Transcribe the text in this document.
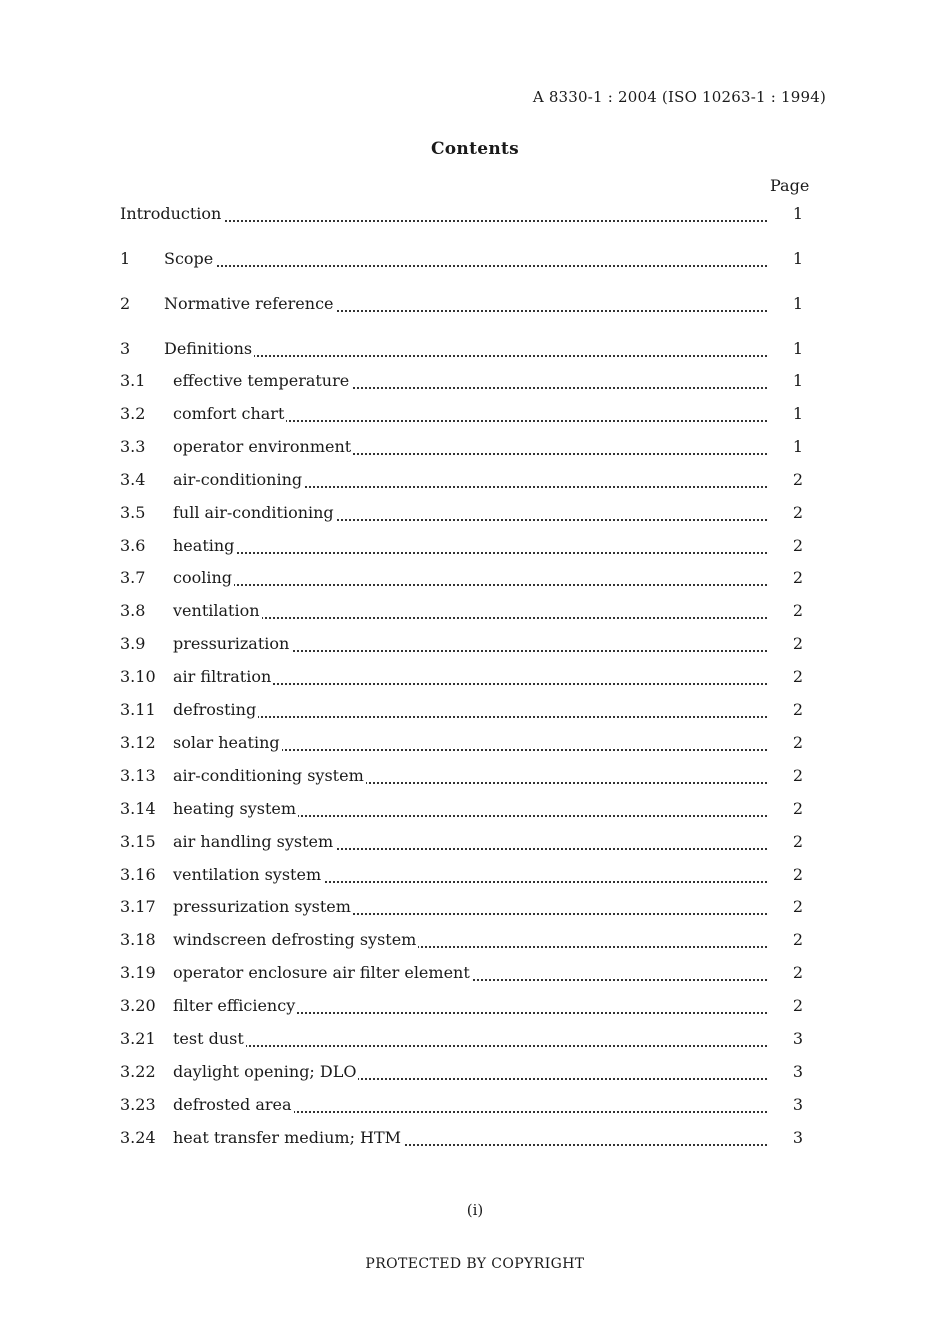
A 8330-1 : 2004 (ISO 10263-1 : 1994)
Contents
Page
Introduction	1
1 Scope	1
2 Normative reference	1
3 Definitions	1
3.1 effective temperature	1
3.2 comfort chart	1
3.3 operator environment	1
3.4 air-conditioning	2
3.5 full air-conditioning	2
3.6 heating	2
3.7 cooling	2
3.8 ventilation	2
3.9 pressurization	2
3.10 air filtration	2
3.11 defrosting	2
3.12 solar heating	2
3.13 air-conditioning system	2
3.14 heating system	2
3.15 air handling system	2
3.16 ventilation system	2
3.17 pressurization system	2
3.18 windscreen defrosting system	2
3.19 operator enclosure air filter element	2
3.20 filter efficiency	2
3.21 test dust	3
3.22 daylight opening; DLO	3
3.23 defrosted area	3
3.24 heat transfer medium; HTM	3
(i)
PROTECTED BY COPYRIGHT
